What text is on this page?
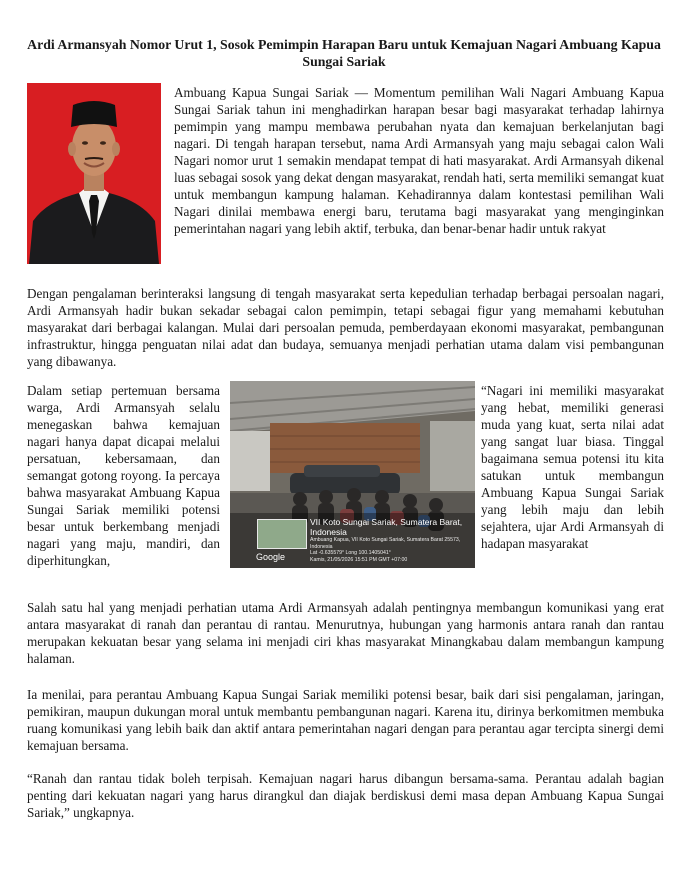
Ardi Armansyah Nomor Urut 1, Sosok Pemimpin Harapan Baru untuk Kemajuan Nagari Ambuang Kapua Sungai Sariak

Ambuang Kapua Sungai Sariak — Momentum pemilihan Wali Nagari Ambuang Kapua Sungai Sariak tahun ini menghadirkan harapan besar bagi masyarakat terhadap lahirnya pemimpin yang mampu membawa perubahan nyata dan kemajuan berkelanjutan bagi nagari. Di tengah harapan tersebut, nama Ardi Armansyah yang maju sebagai calon Wali Nagari nomor urut 1 semakin mendapat tempat di hati masyarakat. Ardi Armansyah dikenal luas sebagai sosok yang dekat dengan masyarakat, rendah hati, serta memiliki semangat kuat untuk membangun kampung halaman. Kehadirannya dalam kontestasi pemilihan Wali Nagari dinilai membawa energi baru, terutama bagi masyarakat yang menginginkan pemerintahan nagari yang lebih aktif, terbuka, dan benar-benar hadir untuk rakyat

Dengan pengalaman berinteraksi langsung di tengah masyarakat serta kepedulian terhadap berbagai persoalan nagari, Ardi Armansyah hadir bukan sekadar sebagai calon pemimpin, tetapi sebagai figur yang memahami kebutuhan masyarakat dari berbagai kalangan. Mulai dari persoalan pemuda, pemberdayaan ekonomi masyarakat, pembangunan infrastruktur, hingga penguatan nilai adat dan budaya, semuanya menjadi perhatian utama dalam visi pembangunan yang dibawanya.

Dalam setiap pertemuan bersama warga, Ardi Armansyah selalu menegaskan bahwa kemajuan nagari hanya dapat dicapai melalui persatuan, kebersamaan, dan semangat gotong royong. Ia percaya bahwa masyarakat Ambuang Kapua Sungai Sariak memiliki potensi besar untuk berkembang menjadi nagari yang maju, mandiri, dan diperhitungkan,

VII Koto Sungai Sariak, Sumatera Barat, Indonesia
Ambuang Kapua, VII Koto Sungai Sariak, Sumatera Barat 25573, Indonesia
Lat -0.635579° Long 100.1405041°
Kamis, 21/05/2026 15:51 PM GMT +07:00
Google

“Nagari ini memiliki masyarakat yang hebat, memiliki generasi muda yang kuat, serta nilai adat yang sangat luar biasa. Tinggal bagaimana semua potensi itu kita satukan untuk membangun Ambuang Kapua Sungai Sariak yang lebih maju dan lebih sejahtera, ujar Ardi Armansyah di hadapan masyarakat

Salah satu hal yang menjadi perhatian utama Ardi Armansyah adalah pentingnya membangun komunikasi yang erat antara masyarakat di ranah dan perantau di rantau. Menurutnya, hubungan yang harmonis antara ranah dan rantau merupakan kekuatan besar yang selama ini menjadi ciri khas masyarakat Minangkabau dalam membangun kampung halaman.

Ia menilai, para perantau Ambuang Kapua Sungai Sariak memiliki potensi besar, baik dari sisi pengalaman, jaringan, pemikiran, maupun dukungan moral untuk membantu pembangunan nagari. Karena itu, dirinya berkomitmen membuka ruang komunikasi yang lebih baik dan aktif antara pemerintahan nagari dengan para perantau agar tercipta sinergi demi kemajuan bersama.

“Ranah dan rantau tidak boleh terpisah. Kemajuan nagari harus dibangun bersama-sama. Perantau adalah bagian penting dari kekuatan nagari yang harus dirangkul dan diajak berdiskusi demi masa depan Ambuang Kapua Sungai Sariak,” ungkapnya.
